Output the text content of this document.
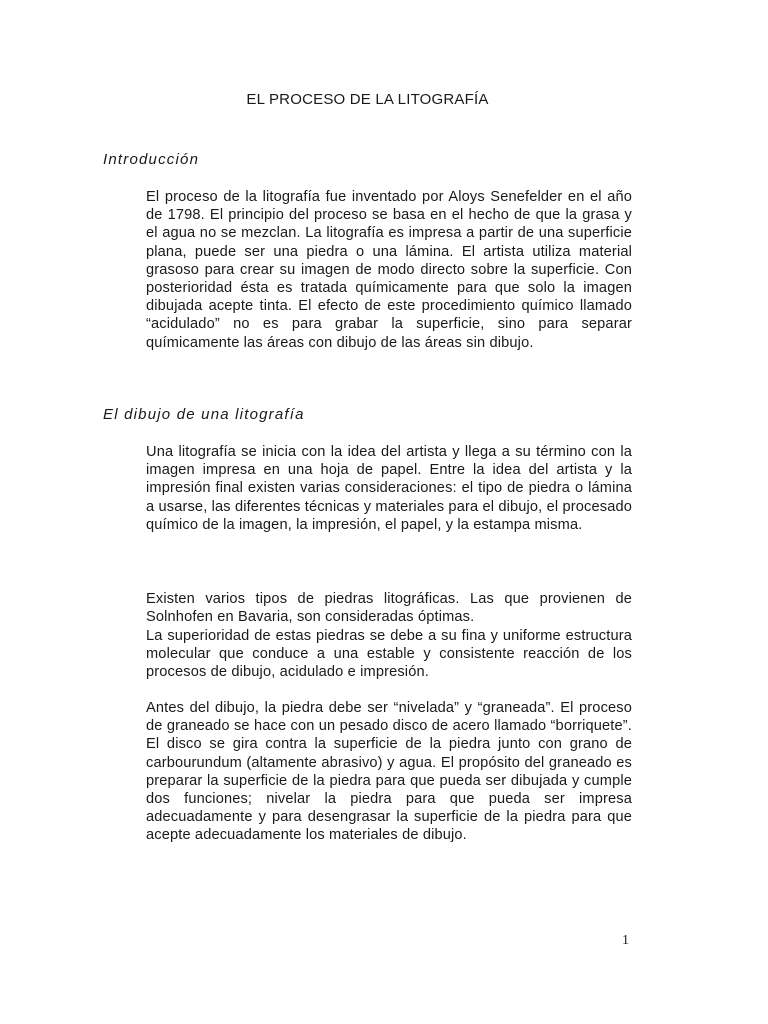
EL PROCESO DE LA LITOGRAFÍA
Introducción

El proceso de la litografía fue inventado por Aloys Senefelder en el año de 1798. El principio del proceso se basa en el hecho de que la grasa y el agua no se mezclan. La litografía es impresa a partir de una superficie plana, puede ser una piedra o una lámina. El artista utiliza material grasoso para crear su imagen de modo directo sobre la superficie. Con posterioridad ésta es tratada químicamente para que solo la imagen dibujada acepte tinta. El efecto de este procedimiento químico llamado “acidulado” no es para grabar la superficie, sino para separar químicamente las áreas con dibujo de las áreas sin dibujo.

El dibujo de una litografía

Una litografía se inicia con la idea del artista y llega a su término con la imagen impresa en una hoja de papel. Entre la idea del artista y la impresión final existen varias consideraciones: el tipo de piedra o lámina a usarse, las diferentes técnicas y materiales para el dibujo, el procesado químico de la imagen, la impresión, el papel, y la estampa misma.

Existen varios tipos de piedras litográficas. Las que provienen de Solnhofen en Bavaria, son consideradas óptimas.

La superioridad de estas piedras se debe a su fina y uniforme estructura molecular que conduce a una estable y consistente reacción de los procesos de dibujo, acidulado e impresión.

Antes del dibujo, la piedra debe ser “nivelada” y “graneada”. El proceso de graneado se hace con un pesado disco de acero llamado “borriquete”. El disco se gira contra la superficie de la piedra junto con grano de carbourundum (altamente abrasivo) y agua. El propósito del graneado es preparar la superficie de la piedra para que pueda ser dibujada y cumple dos funciones; nivelar la piedra para que pueda ser impresa adecuadamente y para desengrasar la superficie de la piedra para que acepte adecuadamente los materiales de dibujo.

1
